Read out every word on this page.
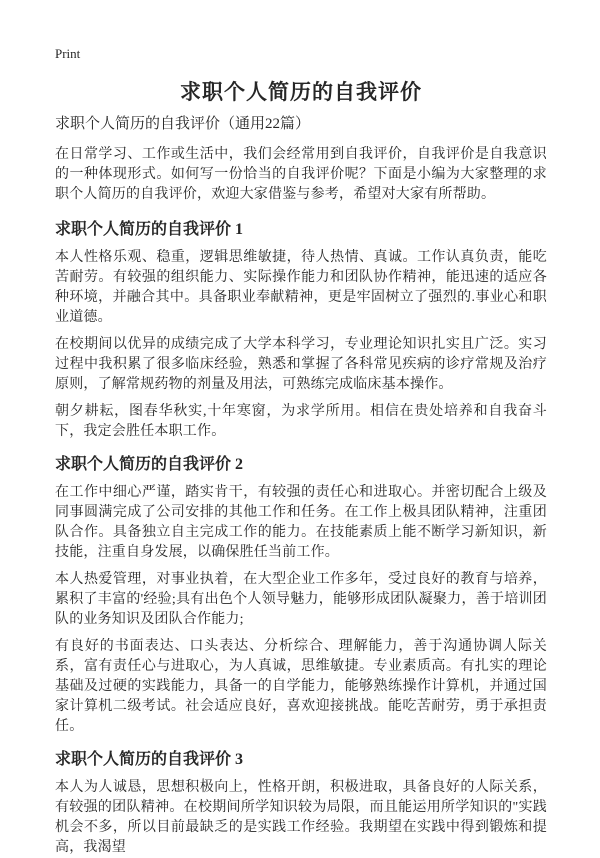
Print
求职个人简历的自我评价

求职个人简历的自我评价（通用22篇）

在日常学习、工作或生活中，我们会经常用到自我评价，自我评价是自我意识的一种体现形式。如何写一份恰当的自我评价呢？下面是小编为大家整理的求职个人简历的自我评价，欢迎大家借鉴与参考，希望对大家有所帮助。

求职个人简历的自我评价 1

本人性格乐观、稳重，逻辑思维敏捷，待人热情、真诚。工作认真负责，能吃苦耐劳。有较强的组织能力、实际操作能力和团队协作精神，能迅速的适应各种环境，并融合其中。具备职业奉献精神，更是牢固树立了强烈的.事业心和职业道德。

在校期间以优异的成绩完成了大学本科学习，专业理论知识扎实且广泛。实习过程中我积累了很多临床经验，熟悉和掌握了各科常见疾病的诊疗常规及治疗原则，了解常规药物的剂量及用法，可熟练完成临床基本操作。

朝夕耕耘，图春华秋实,十年寒窗，为求学所用。相信在贵处培养和自我奋斗下，我定会胜任本职工作。

求职个人简历的自我评价 2

在工作中细心严谨，踏实肯干，有较强的责任心和进取心。并密切配合上级及同事圆满完成了公司安排的其他工作和任务。在工作上极具团队精神，注重团队合作。具备独立自主完成工作的能力。在技能素质上能不断学习新知识，新技能，注重自身发展，以确保胜任当前工作。

本人热爱管理，对事业执着，在大型企业工作多年，受过良好的教育与培养，累积了丰富的'经验;具有出色个人领导魅力，能够形成团队凝聚力，善于培训团队的业务知识及团队合作能力;

有良好的书面表达、口头表达、分析综合、理解能力，善于沟通协调人际关系，富有责任心与进取心，为人真诚，思维敏捷。专业素质高。有扎实的理论基础及过硬的实践能力，具备一的自学能力，能够熟练操作计算机，并通过国家计算机二级考试。社会适应良好，喜欢迎接挑战。能吃苦耐劳，勇于承担责任。

求职个人简历的自我评价 3

本人为人诚恳，思想积极向上，性格开朗，积极进取，具备良好的人际关系，有较强的团队精神。在校期间所学知识较为局限，而且能运用所学知识的"实践机会不多，所以目前最缺乏的是实践工作经验。我期望在实践中得到锻炼和提高，我渴望
